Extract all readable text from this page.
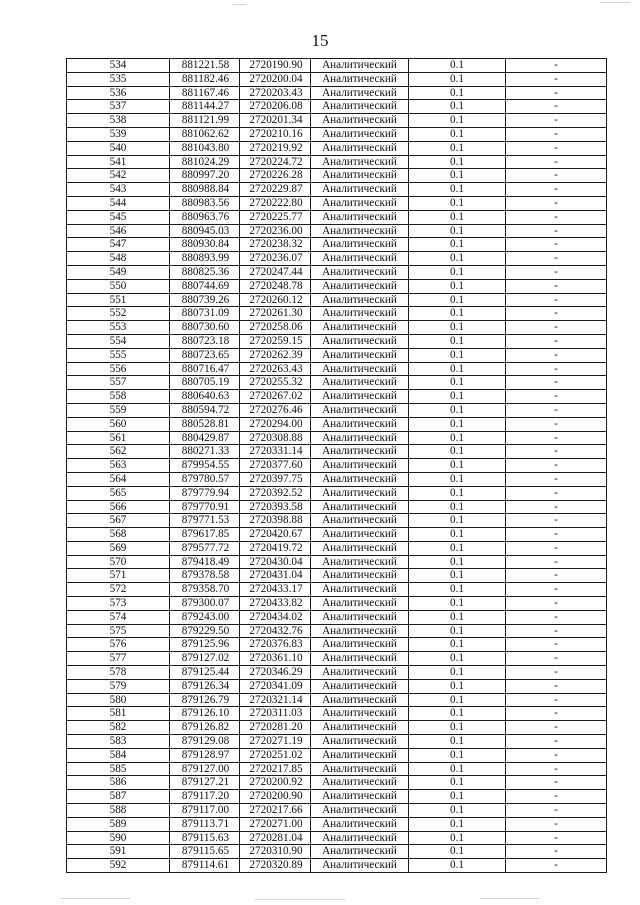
15
534	881221.58	2720190.90	Аналитический	0.1	-
535	881182.46	2720200.04	Аналитический	0.1	-
536	881167.46	2720203.43	Аналитический	0.1	-
537	881144.27	2720206.08	Аналитический	0.1	-
538	881121.99	2720201.34	Аналитический	0.1	-
539	881062.62	2720210.16	Аналитический	0.1	-
540	881043.80	2720219.92	Аналитический	0.1	-
541	881024.29	2720224.72	Аналитический	0.1	-
542	880997.20	2720226.28	Аналитический	0.1	-
543	880988.84	2720229.87	Аналитический	0.1	-
544	880983.56	2720222.80	Аналитический	0.1	-
545	880963.76	2720225.77	Аналитический	0.1	-
546	880945.03	2720236.00	Аналитический	0.1	-
547	880930.84	2720238.32	Аналитический	0.1	-
548	880893.99	2720236.07	Аналитический	0.1	-
549	880825.36	2720247.44	Аналитический	0.1	-
550	880744.69	2720248.78	Аналитический	0.1	-
551	880739.26	2720260.12	Аналитический	0.1	-
552	880731.09	2720261.30	Аналитический	0.1	-
553	880730.60	2720258.06	Аналитический	0.1	-
554	880723.18	2720259.15	Аналитический	0.1	-
555	880723.65	2720262.39	Аналитический	0.1	-
556	880716.47	2720263.43	Аналитический	0.1	-
557	880705.19	2720255.32	Аналитический	0.1	-
558	880640.63	2720267.02	Аналитический	0.1	-
559	880594.72	2720276.46	Аналитический	0.1	-
560	880528.81	2720294.00	Аналитический	0.1	-
561	880429.87	2720308.88	Аналитический	0.1	-
562	880271.33	2720331.14	Аналитический	0.1	-
563	879954.55	2720377.60	Аналитический	0.1	-
564	879780.57	2720397.75	Аналитический	0.1	-
565	879779.94	2720392.52	Аналитический	0.1	-
566	879770.91	2720393.58	Аналитический	0.1	-
567	879771.53	2720398.88	Аналитический	0.1	-
568	879617.85	2720420.67	Аналитический	0.1	-
569	879577.72	2720419.72	Аналитический	0.1	-
570	879418.49	2720430.04	Аналитический	0.1	-
571	879378.58	2720431.04	Аналитический	0.1	-
572	879358.70	2720433.17	Аналитический	0.1	-
573	879300.07	2720433.82	Аналитический	0.1	-
574	879243.00	2720434.02	Аналитический	0.1	-
575	879229.50	2720432.76	Аналитический	0.1	-
576	879125.96	2720376.83	Аналитический	0.1	-
577	879127.02	2720361.10	Аналитический	0.1	-
578	879125.44	2720346.29	Аналитический	0.1	-
579	879126.34	2720341.09	Аналитический	0.1	-
580	879126.79	2720321.14	Аналитический	0.1	-
581	879126.10	2720311.03	Аналитический	0.1	-
582	879126.82	2720281.20	Аналитический	0.1	-
583	879129.08	2720271.19	Аналитический	0.1	-
584	879128.97	2720251.02	Аналитический	0.1	-
585	879127.00	2720217.85	Аналитический	0.1	-
586	879127.21	2720200.92	Аналитический	0.1	-
587	879117.20	2720200.90	Аналитический	0.1	-
588	879117.00	2720217.66	Аналитический	0.1	-
589	879113.71	2720271.00	Аналитический	0.1	-
590	879115.63	2720281.04	Аналитический	0.1	-
591	879115.65	2720310.90	Аналитический	0.1	-
592	879114.61	2720320.89	Аналитический	0.1	-
